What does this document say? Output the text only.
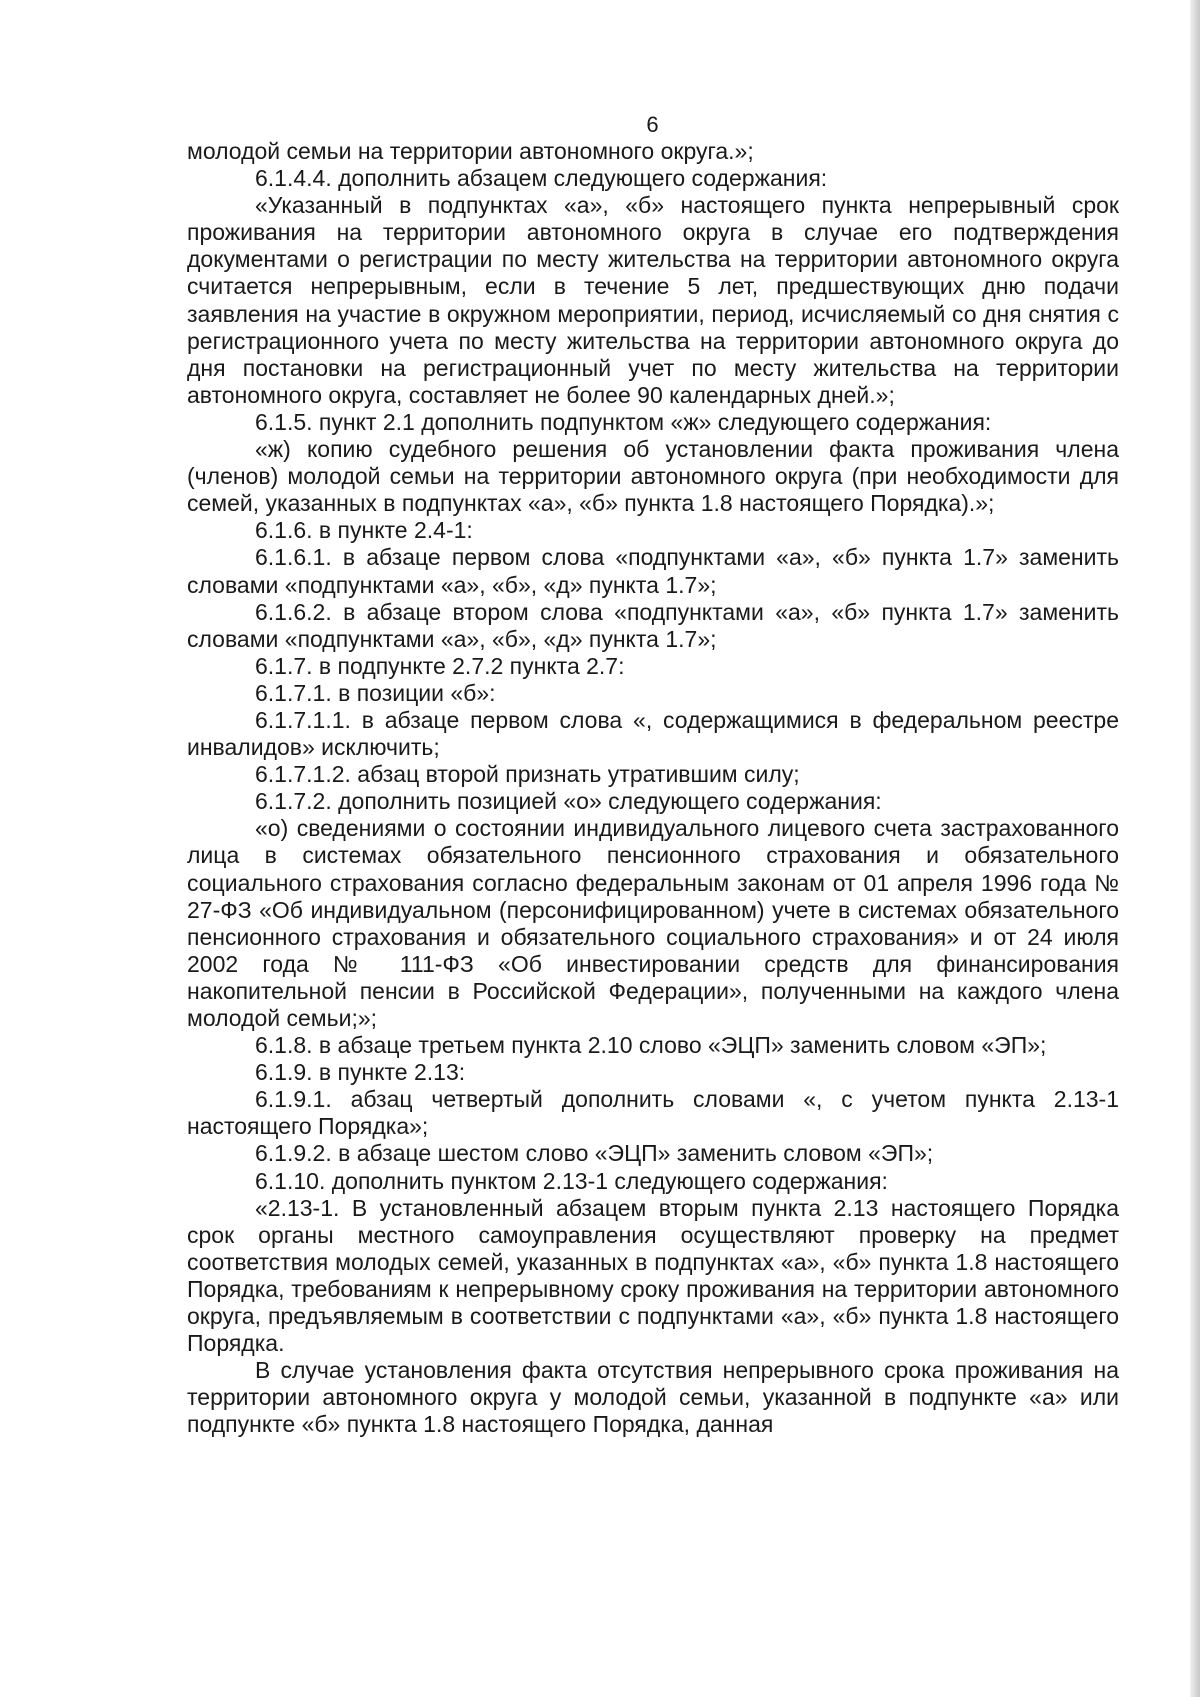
6

молодой семьи на территории автономного округа.»;

6.1.4.4. дополнить абзацем следующего содержания:

«Указанный в подпунктах «а», «б» настоящего пункта непрерывный срок проживания на территории автономного округа в случае его подтверждения документами о регистрации по месту жительства на территории автономного округа считается непрерывным, если в течение 5 лет, предшествующих дню подачи заявления на участие в окружном мероприятии, период, исчисляемый со дня снятия с регистрационного учета по месту жительства на территории автономного округа до дня постановки на регистрационный учет по месту жительства на территории автономного округа, составляет не более 90 календарных дней.»;

6.1.5. пункт 2.1 дополнить подпунктом «ж» следующего содержания:

«ж) копию судебного решения об установлении факта проживания члена (членов) молодой семьи на территории автономного округа (при необходимости для семей, указанных в подпунктах «а», «б» пункта 1.8 настоящего Порядка).»;

6.1.6. в пункте 2.4-1:

6.1.6.1. в абзаце первом слова «подпунктами «а», «б» пункта 1.7» заменить словами «подпунктами «а», «б», «д» пункта 1.7»;

6.1.6.2. в абзаце втором слова «подпунктами «а», «б» пункта 1.7» заменить словами «подпунктами «а», «б», «д» пункта 1.7»;

6.1.7. в подпункте 2.7.2 пункта 2.7:

6.1.7.1. в позиции «б»:

6.1.7.1.1. в абзаце первом слова «, содержащимися в федеральном реестре инвалидов» исключить;

6.1.7.1.2. абзац второй признать утратившим силу;

6.1.7.2. дополнить позицией «о» следующего содержания:

«о) сведениями о состоянии индивидуального лицевого счета застрахованного лица в системах обязательного пенсионного страхования и обязательного социального страхования согласно федеральным законам от 01 апреля 1996 года № 27-ФЗ «Об индивидуальном (персонифицированном) учете в системах обязательного пенсионного страхования и обязательного социального страхования» и от 24 июля 2002 года № 111-ФЗ «Об инвестировании средств для финансирования накопительной пенсии в Российской Федерации», полученными на каждого члена молодой семьи;»;

6.1.8. в абзаце третьем пункта 2.10 слово «ЭЦП» заменить словом «ЭП»;

6.1.9. в пункте 2.13:

6.1.9.1. абзац четвертый дополнить словами «, с учетом пункта 2.13-1 настоящего Порядка»;

6.1.9.2. в абзаце шестом слово «ЭЦП» заменить словом «ЭП»;

6.1.10. дополнить пунктом 2.13-1 следующего содержания:

«2.13-1. В установленный абзацем вторым пункта 2.13 настоящего Порядка срок органы местного самоуправления осуществляют проверку на предмет соответствия молодых семей, указанных в подпунктах «а», «б» пункта 1.8 настоящего Порядка, требованиям к непрерывному сроку проживания на территории автономного округа, предъявляемым в соответствии с подпунктами «а», «б» пункта 1.8 настоящего Порядка.

В случае установления факта отсутствия непрерывного срока проживания на территории автономного округа у молодой семьи, указанной в подпункте «а» или подпункте «б» пункта 1.8 настоящего Порядка, данная
